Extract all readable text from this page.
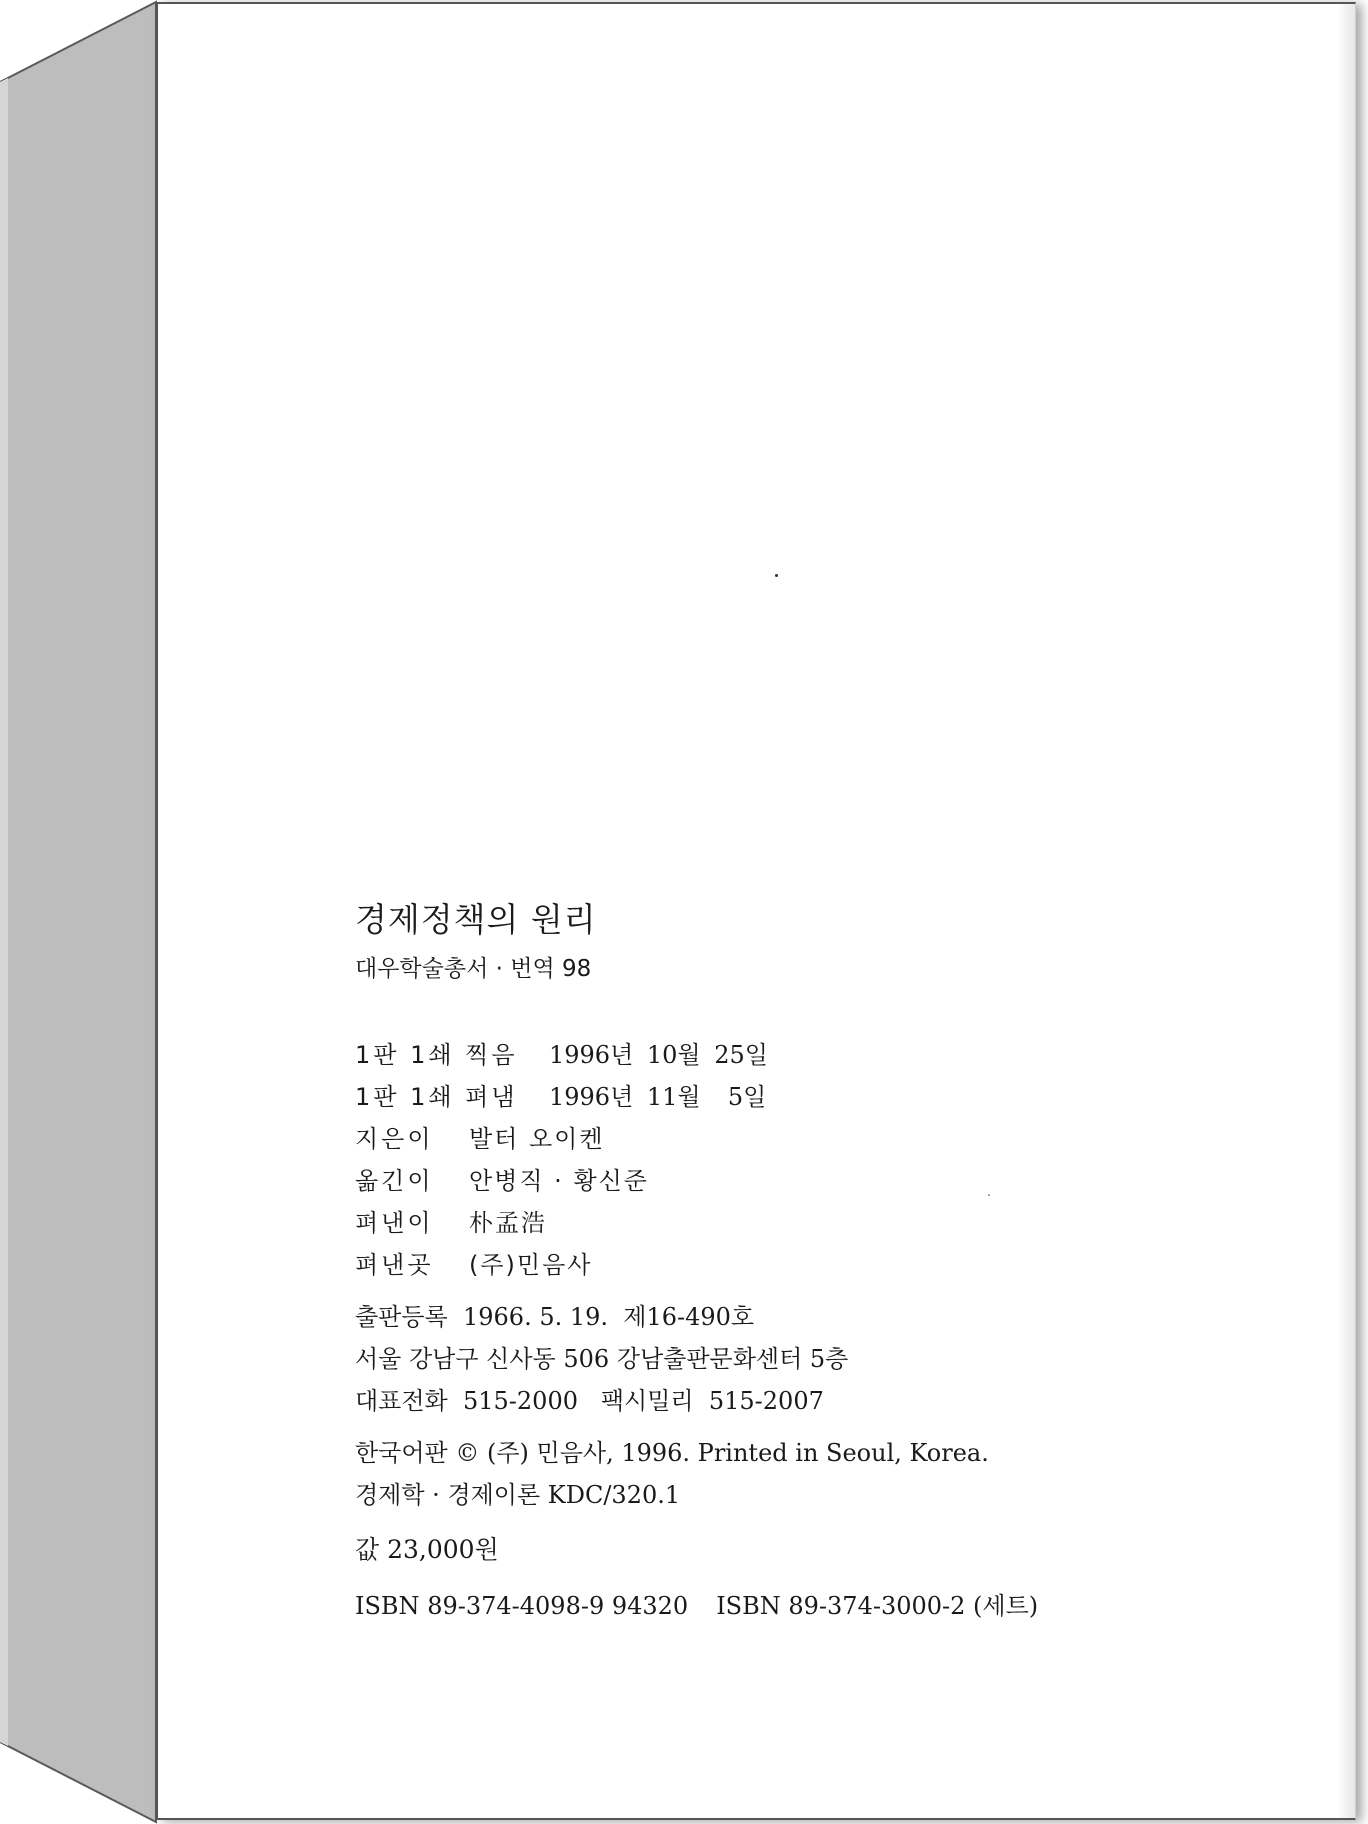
경제정책의 원리
대우학술총서 · 번역 98
1판 1쇄 찍음	1996년 10월 25일
1판 1쇄 펴냄	1996년 11월  5일
지은이	발터 오이켄
옮긴이	안병직 · 황신준
펴낸이	朴孟浩
펴낸곳	(주)민음사
출판등록  1966. 5. 19.  제16-490호
서울 강남구 신사동 506 강남출판문화센터 5층
대표전화  515-2000   팩시밀리  515-2007
한국어판 © (주) 민음사, 1996. Printed in Seoul, Korea.
경제학 · 경제이론 KDC/320.1
값 23,000원
ISBN 89-374-4098-9 94320 ISBN 89-374-3000-2 (세트)
